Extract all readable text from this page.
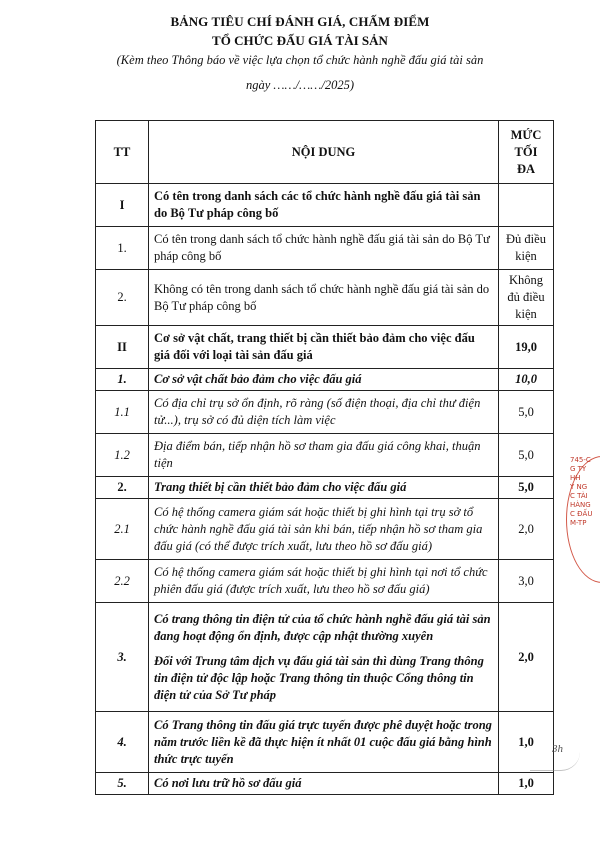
BẢNG TIÊU CHÍ ĐÁNH GIÁ, CHẤM ĐIỂM
TỔ CHỨC ĐẤU GIÁ TÀI SẢN
(Kèm theo Thông báo về việc lựa chọn tổ chức hành nghề đấu giá tài sản
ngày ……/……/2025)
TT	NỘI DUNG	MỨC TỐI ĐA
I	Có tên trong danh sách các tổ chức hành nghề đấu giá tài sản do Bộ Tư pháp công bố	
1.	Có tên trong danh sách tổ chức hành nghề đấu giá tài sản do Bộ Tư pháp công bố	Đủ điều kiện
2.	Không có tên trong danh sách tổ chức hành nghề đấu giá tài sản do Bộ Tư pháp công bố	Không đủ điều kiện
II	Cơ sở vật chất, trang thiết bị cần thiết bảo đảm cho việc đấu giá đối với loại tài sản đấu giá	19,0
1.	Cơ sở vật chất bảo đảm cho việc đấu giá	10,0
1.1	Có địa chỉ trụ sở ổn định, rõ ràng (số điện thoại, địa chỉ thư điện tử...), trụ sở có đủ diện tích làm việc	5,0
1.2	Địa điểm bán, tiếp nhận hồ sơ tham gia đấu giá công khai, thuận tiện	5,0
2.	Trang thiết bị cần thiết bảo đảm cho việc đấu giá	5,0
2.1	Có hệ thống camera giám sát hoặc thiết bị ghi hình tại trụ sở tổ chức hành nghề đấu giá tài sản khi bán, tiếp nhận hồ sơ tham gia đấu giá (có thể được trích xuất, lưu theo hồ sơ đấu giá)	2,0
2.2	Có hệ thống camera giám sát hoặc thiết bị ghi hình tại nơi tổ chức phiên đấu giá (được trích xuất, lưu theo hồ sơ đấu giá)	3,0
3.	Có trang thông tin điện tử của tổ chức hành nghề đấu giá tài sản đang hoạt động ổn định, được cập nhật thường xuyên
Đối với Trung tâm dịch vụ đấu giá tài sản thì dùng Trang thông tin điện tử độc lập hoặc Trang thông tin thuộc Cổng thông tin điện tử của Sở Tư pháp	2,0
4.	Có Trang thông tin đấu giá trực tuyến được phê duyệt hoặc trong năm trước liền kề đã thực hiện ít nhất 01 cuộc đấu giá bằng hình thức trực tuyến	1,0
5.	Có nơi lưu trữ hồ sơ đấu giá	1,0
745-C
G TY
HH
Y NG
C TÀI
HÀNG
C ĐẤU
M-TP
3h
